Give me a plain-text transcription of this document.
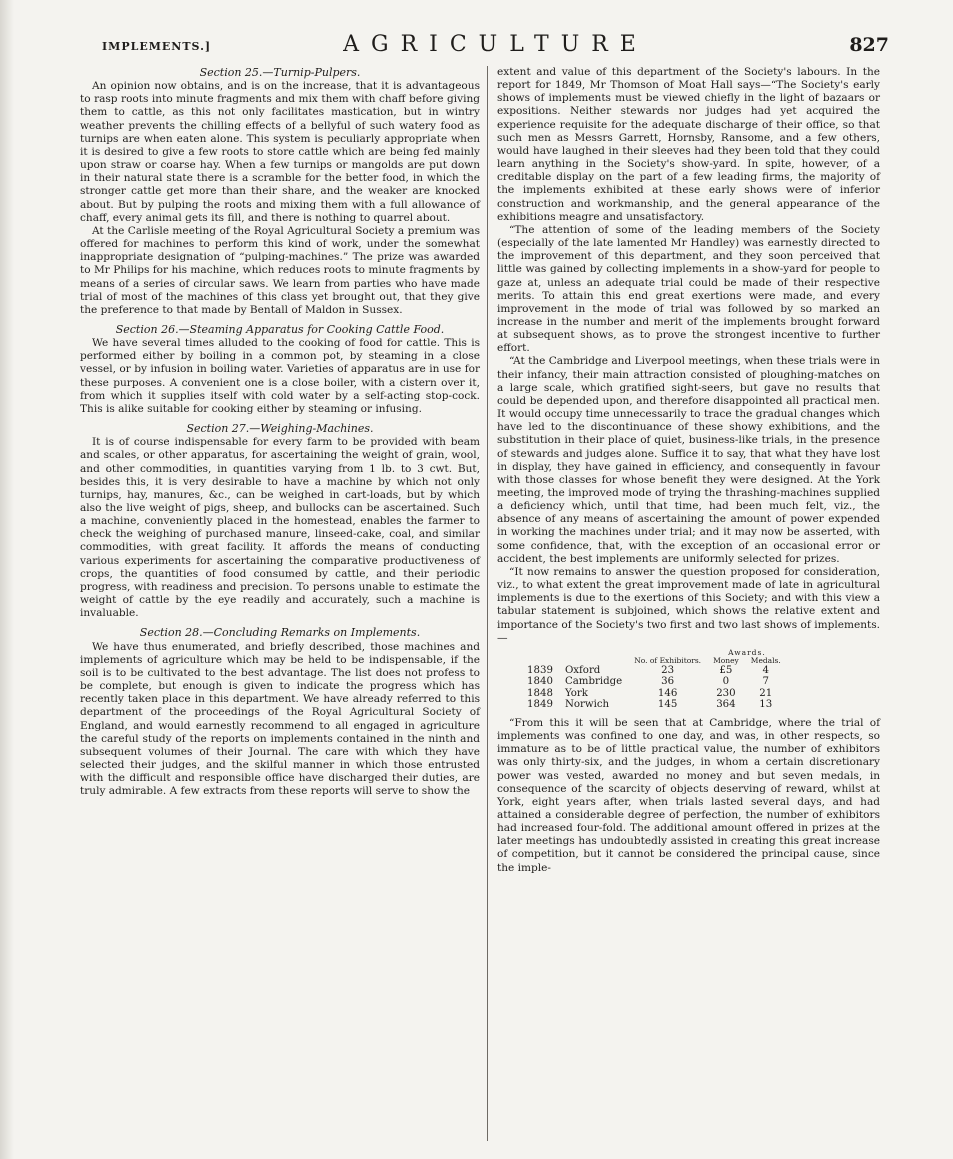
IMPLEMENTS.]	AGRICULTURE	827
Section 25.—Turnip-Pulpers.

An opinion now obtains, and is on the increase, that it is advantageous to rasp roots into minute fragments and mix them with chaff before giving them to cattle, as this not only facilitates mastication, but in wintry weather prevents the chilling effects of a bellyful of such watery food as turnips are when eaten alone. This system is peculiarly appropriate when it is desired to give a few roots to store cattle which are being fed mainly upon straw or coarse hay. When a few turnips or mangolds are put down in their natural state there is a scramble for the better food, in which the stronger cattle get more than their share, and the weaker are knocked about. But by pulping the roots and mixing them with a full allowance of chaff, every animal gets its fill, and there is nothing to quarrel about.

At the Carlisle meeting of the Royal Agricultural Society a premium was offered for machines to perform this kind of work, under the somewhat inappropriate designation of “pulping-machines.” The prize was awarded to Mr Philips for his machine, which reduces roots to minute fragments by means of a series of circular saws. We learn from parties who have made trial of most of the machines of this class yet brought out, that they give the preference to that made by Bentall of Maldon in Sussex.

Section 26.—Steaming Apparatus for Cooking Cattle Food.

We have several times alluded to the cooking of food for cattle. This is performed either by boiling in a common pot, by steaming in a close vessel, or by infusion in boiling water. Varieties of apparatus are in use for these purposes. A convenient one is a close boiler, with a cistern over it, from which it supplies itself with cold water by a self-acting stop-cock. This is alike suitable for cooking either by steaming or infusing.

Section 27.—Weighing-Machines.

It is of course indispensable for every farm to be provided with beam and scales, or other apparatus, for ascertaining the weight of grain, wool, and other commodities, in quantities varying from 1 lb. to 3 cwt. But, besides this, it is very desirable to have a machine by which not only turnips, hay, manures, &c., can be weighed in cart-loads, but by which also the live weight of pigs, sheep, and bullocks can be ascertained. Such a machine, conveniently placed in the homestead, enables the farmer to check the weighing of purchased manure, linseed-cake, coal, and similar commodities, with great facility. It affords the means of conducting various experiments for ascertaining the comparative productiveness of crops, the quantities of food consumed by cattle, and their periodic progress, with readiness and precision. To persons unable to estimate the weight of cattle by the eye readily and accurately, such a machine is invaluable.

Section 28.—Concluding Remarks on Implements.

We have thus enumerated, and briefly described, those machines and implements of agriculture which may be held to be indispensable, if the soil is to be cultivated to the best advantage. The list does not profess to be complete, but enough is given to indicate the progress which has recently taken place in this department. We have already referred to this department of the proceedings of the Royal Agricultural Society of England, and would earnestly recommend to all engaged in agriculture the careful study of the reports on implements contained in the ninth and subsequent volumes of their Journal. The care with which they have selected their judges, and the skilful manner in which those entrusted with the difficult and responsible office have discharged their duties, are truly admirable. A few extracts from these reports will serve to show the

extent and value of this department of the Society's labours. In the report for 1849, Mr Thomson of Moat Hall says—“The Society's early shows of implements must be viewed chiefly in the light of bazaars or expositions. Neither stewards nor judges had yet acquired the experience requisite for the adequate discharge of their office, so that such men as Messrs Garrett, Hornsby, Ransome, and a few others, would have laughed in their sleeves had they been told that they could learn anything in the Society's show-yard. In spite, however, of a creditable display on the part of a few leading firms, the majority of the implements exhibited at these early shows were of inferior construction and workmanship, and the general appearance of the exhibitions meagre and unsatisfactory.

“The attention of some of the leading members of the Society (especially of the late lamented Mr Handley) was earnestly directed to the improvement of this department, and they soon perceived that little was gained by collecting implements in a show-yard for people to gaze at, unless an adequate trial could be made of their respective merits. To attain this end great exertions were made, and every improvement in the mode of trial was followed by so marked an increase in the number and merit of the implements brought forward at subsequent shows, as to prove the strongest incentive to further effort.

“At the Cambridge and Liverpool meetings, when these trials were in their infancy, their main attraction consisted of ploughing-matches on a large scale, which gratified sight-seers, but gave no results that could be depended upon, and therefore disappointed all practical men. It would occupy time unnecessarily to trace the gradual changes which have led to the discontinuance of these showy exhibitions, and the substitution in their place of quiet, business-like trials, in the presence of stewards and judges alone. Suffice it to say, that what they have lost in display, they have gained in efficiency, and consequently in favour with those classes for whose benefit they were designed. At the York meeting, the improved mode of trying the thrashing-machines supplied a deficiency which, until that time, had been much felt, viz., the absence of any means of ascertaining the amount of power expended in working the machines under trial; and it may now be asserted, with some confidence, that, with the exception of an occasional error or accident, the best implements are uniformly selected for prizes.

“It now remains to answer the question proposed for consideration, viz., to what extent the great improvement made of late in agricultural implements is due to the exertions of this Society; and with this view a tabular statement is subjoined, which shows the relative extent and importance of the Society's two first and two last shows of implements.—

		No. of Exhibitors.	Awards.	
			Money	Medals.
1839	Oxford	23	£5	4
1840	Cambridge	36	0	7
1848	York	146	230	21
1849	Norwich	145	364	13

“From this it will be seen that at Cambridge, where the trial of implements was confined to one day, and was, in other respects, so immature as to be of little practical value, the number of exhibitors was only thirty-six, and the judges, in whom a certain discretionary power was vested, awarded no money and but seven medals, in consequence of the scarcity of objects deserving of reward, whilst at York, eight years after, when trials lasted several days, and had attained a considerable degree of perfection, the number of exhibitors had increased four-fold. The additional amount offered in prizes at the later meetings has undoubtedly assisted in creating this great increase of competition, but it cannot be considered the principal cause, since the imple-
